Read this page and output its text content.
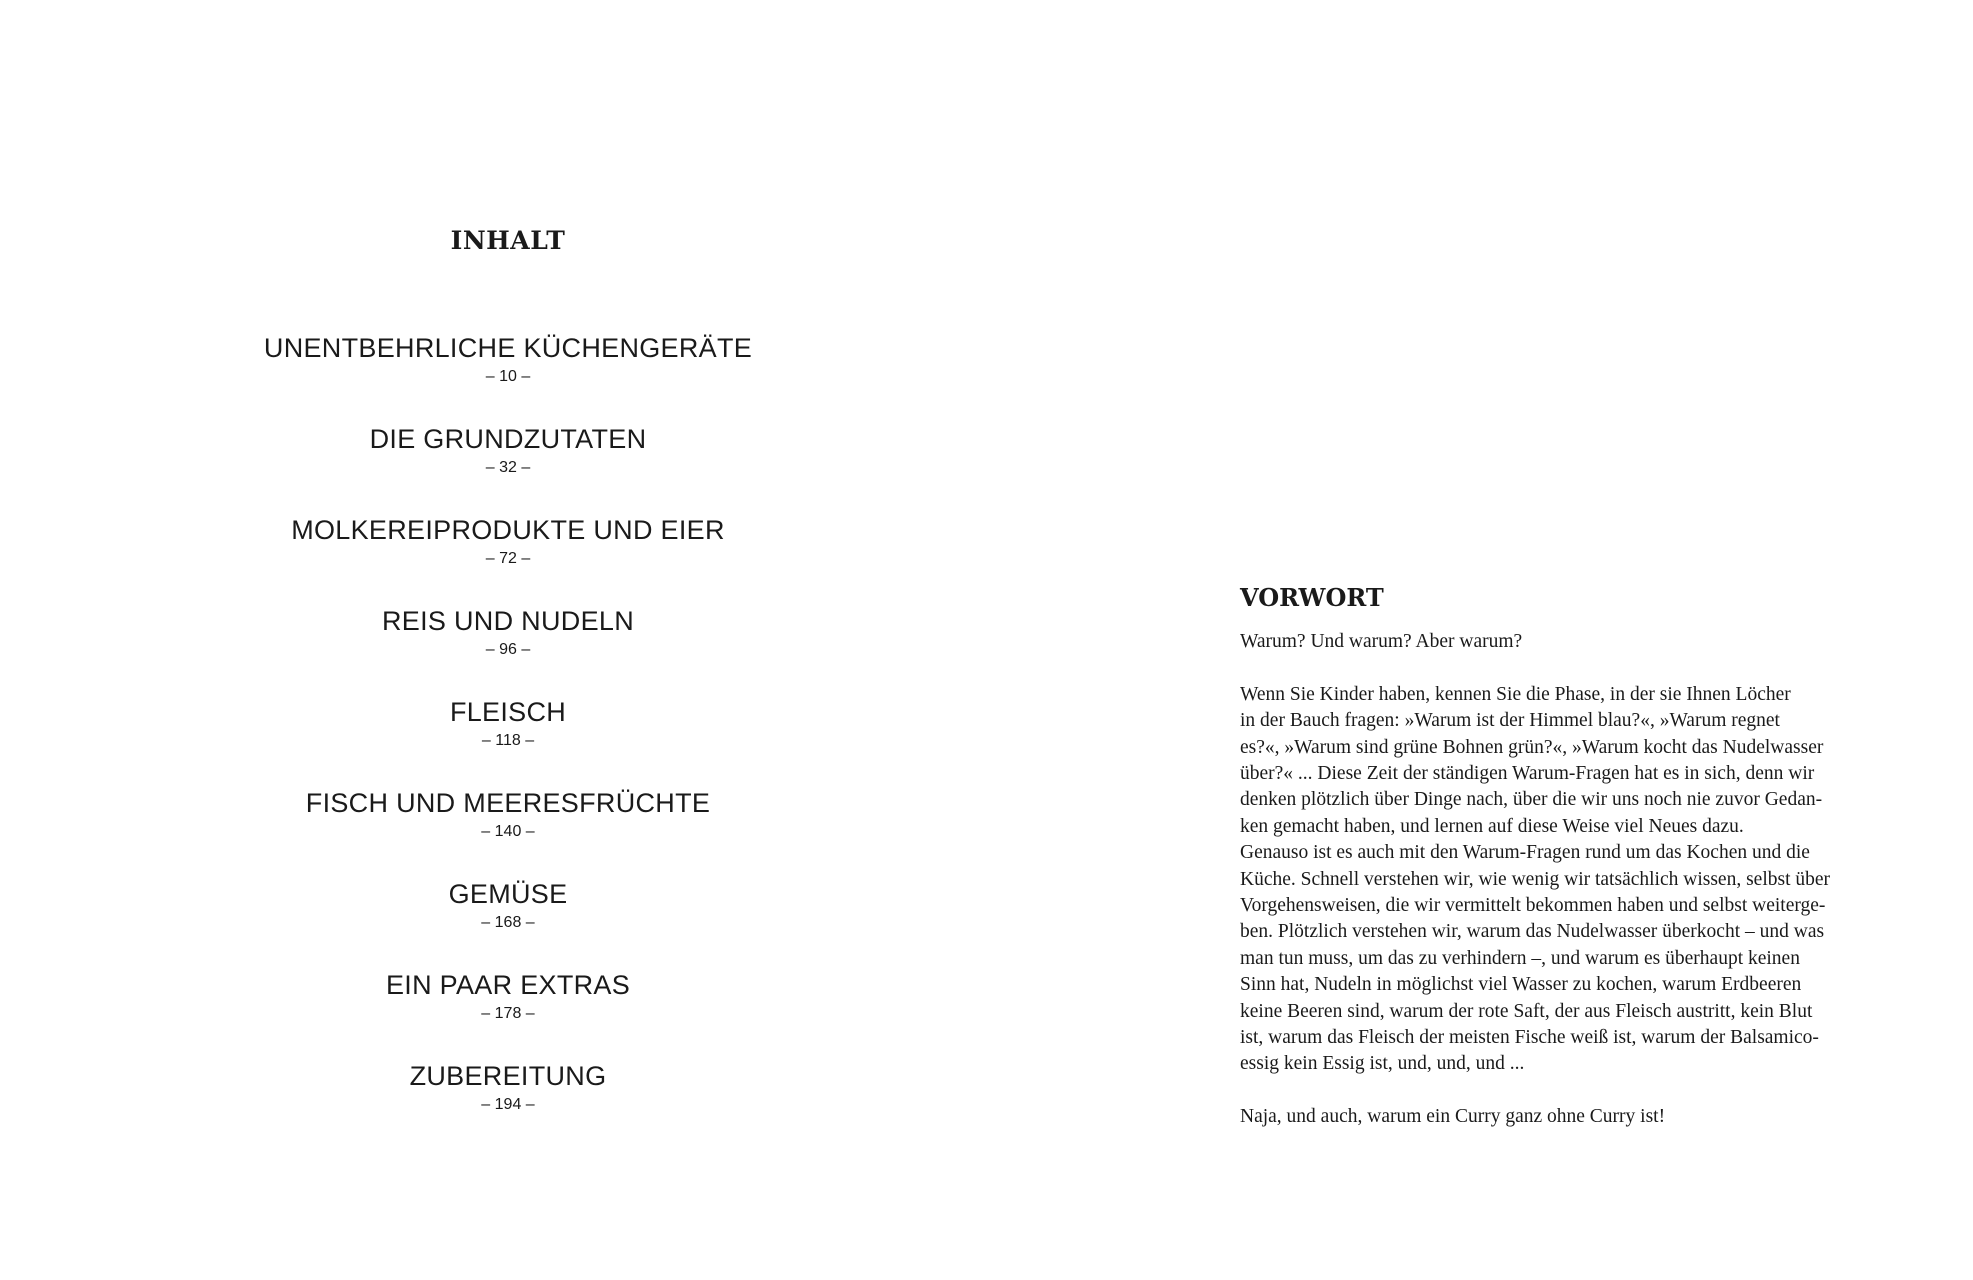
INHALT
UNENTBEHRLICHE KÜCHENGERÄTE
– 10 –
DIE GRUNDZUTATEN
– 32 –
MOLKEREIPRODUKTE UND EIER
– 72 –
REIS UND NUDELN
– 96 –
FLEISCH
– 118 –
FISCH UND MEERESFRÜCHTE
– 140 –
GEMÜSE
– 168 –
EIN PAAR EXTRAS
– 178 –
ZUBEREITUNG
– 194 –
VORWORT

Warum? Und warum? Aber warum?

Wenn Sie Kinder haben, kennen Sie die Phase, in der sie Ihnen Löcher
in der Bauch fragen: »Warum ist der Himmel blau?«, »Warum regnet
es?«, »Warum sind grüne Bohnen grün?«, »Warum kocht das Nudelwasser
über?« ... Diese Zeit der ständigen Warum-Fragen hat es in sich, denn wir
denken plötzlich über Dinge nach, über die wir uns noch nie zuvor Gedan-
ken gemacht haben, und lernen auf diese Weise viel Neues dazu.
Genauso ist es auch mit den Warum-Fragen rund um das Kochen und die
Küche. Schnell verstehen wir, wie wenig wir tatsächlich wissen, selbst über
Vorgehensweisen, die wir vermittelt bekommen haben und selbst weiterge-
ben. Plötzlich verstehen wir, warum das Nudelwasser überkocht – und was
man tun muss, um das zu verhindern –, und warum es überhaupt keinen
Sinn hat, Nudeln in möglichst viel Wasser zu kochen, warum Erdbeeren
keine Beeren sind, warum der rote Saft, der aus Fleisch austritt, kein Blut
ist, warum das Fleisch der meisten Fische weiß ist, warum der Balsamico-
essig kein Essig ist, und, und, und ...

Naja, und auch, warum ein Curry ganz ohne Curry ist!
